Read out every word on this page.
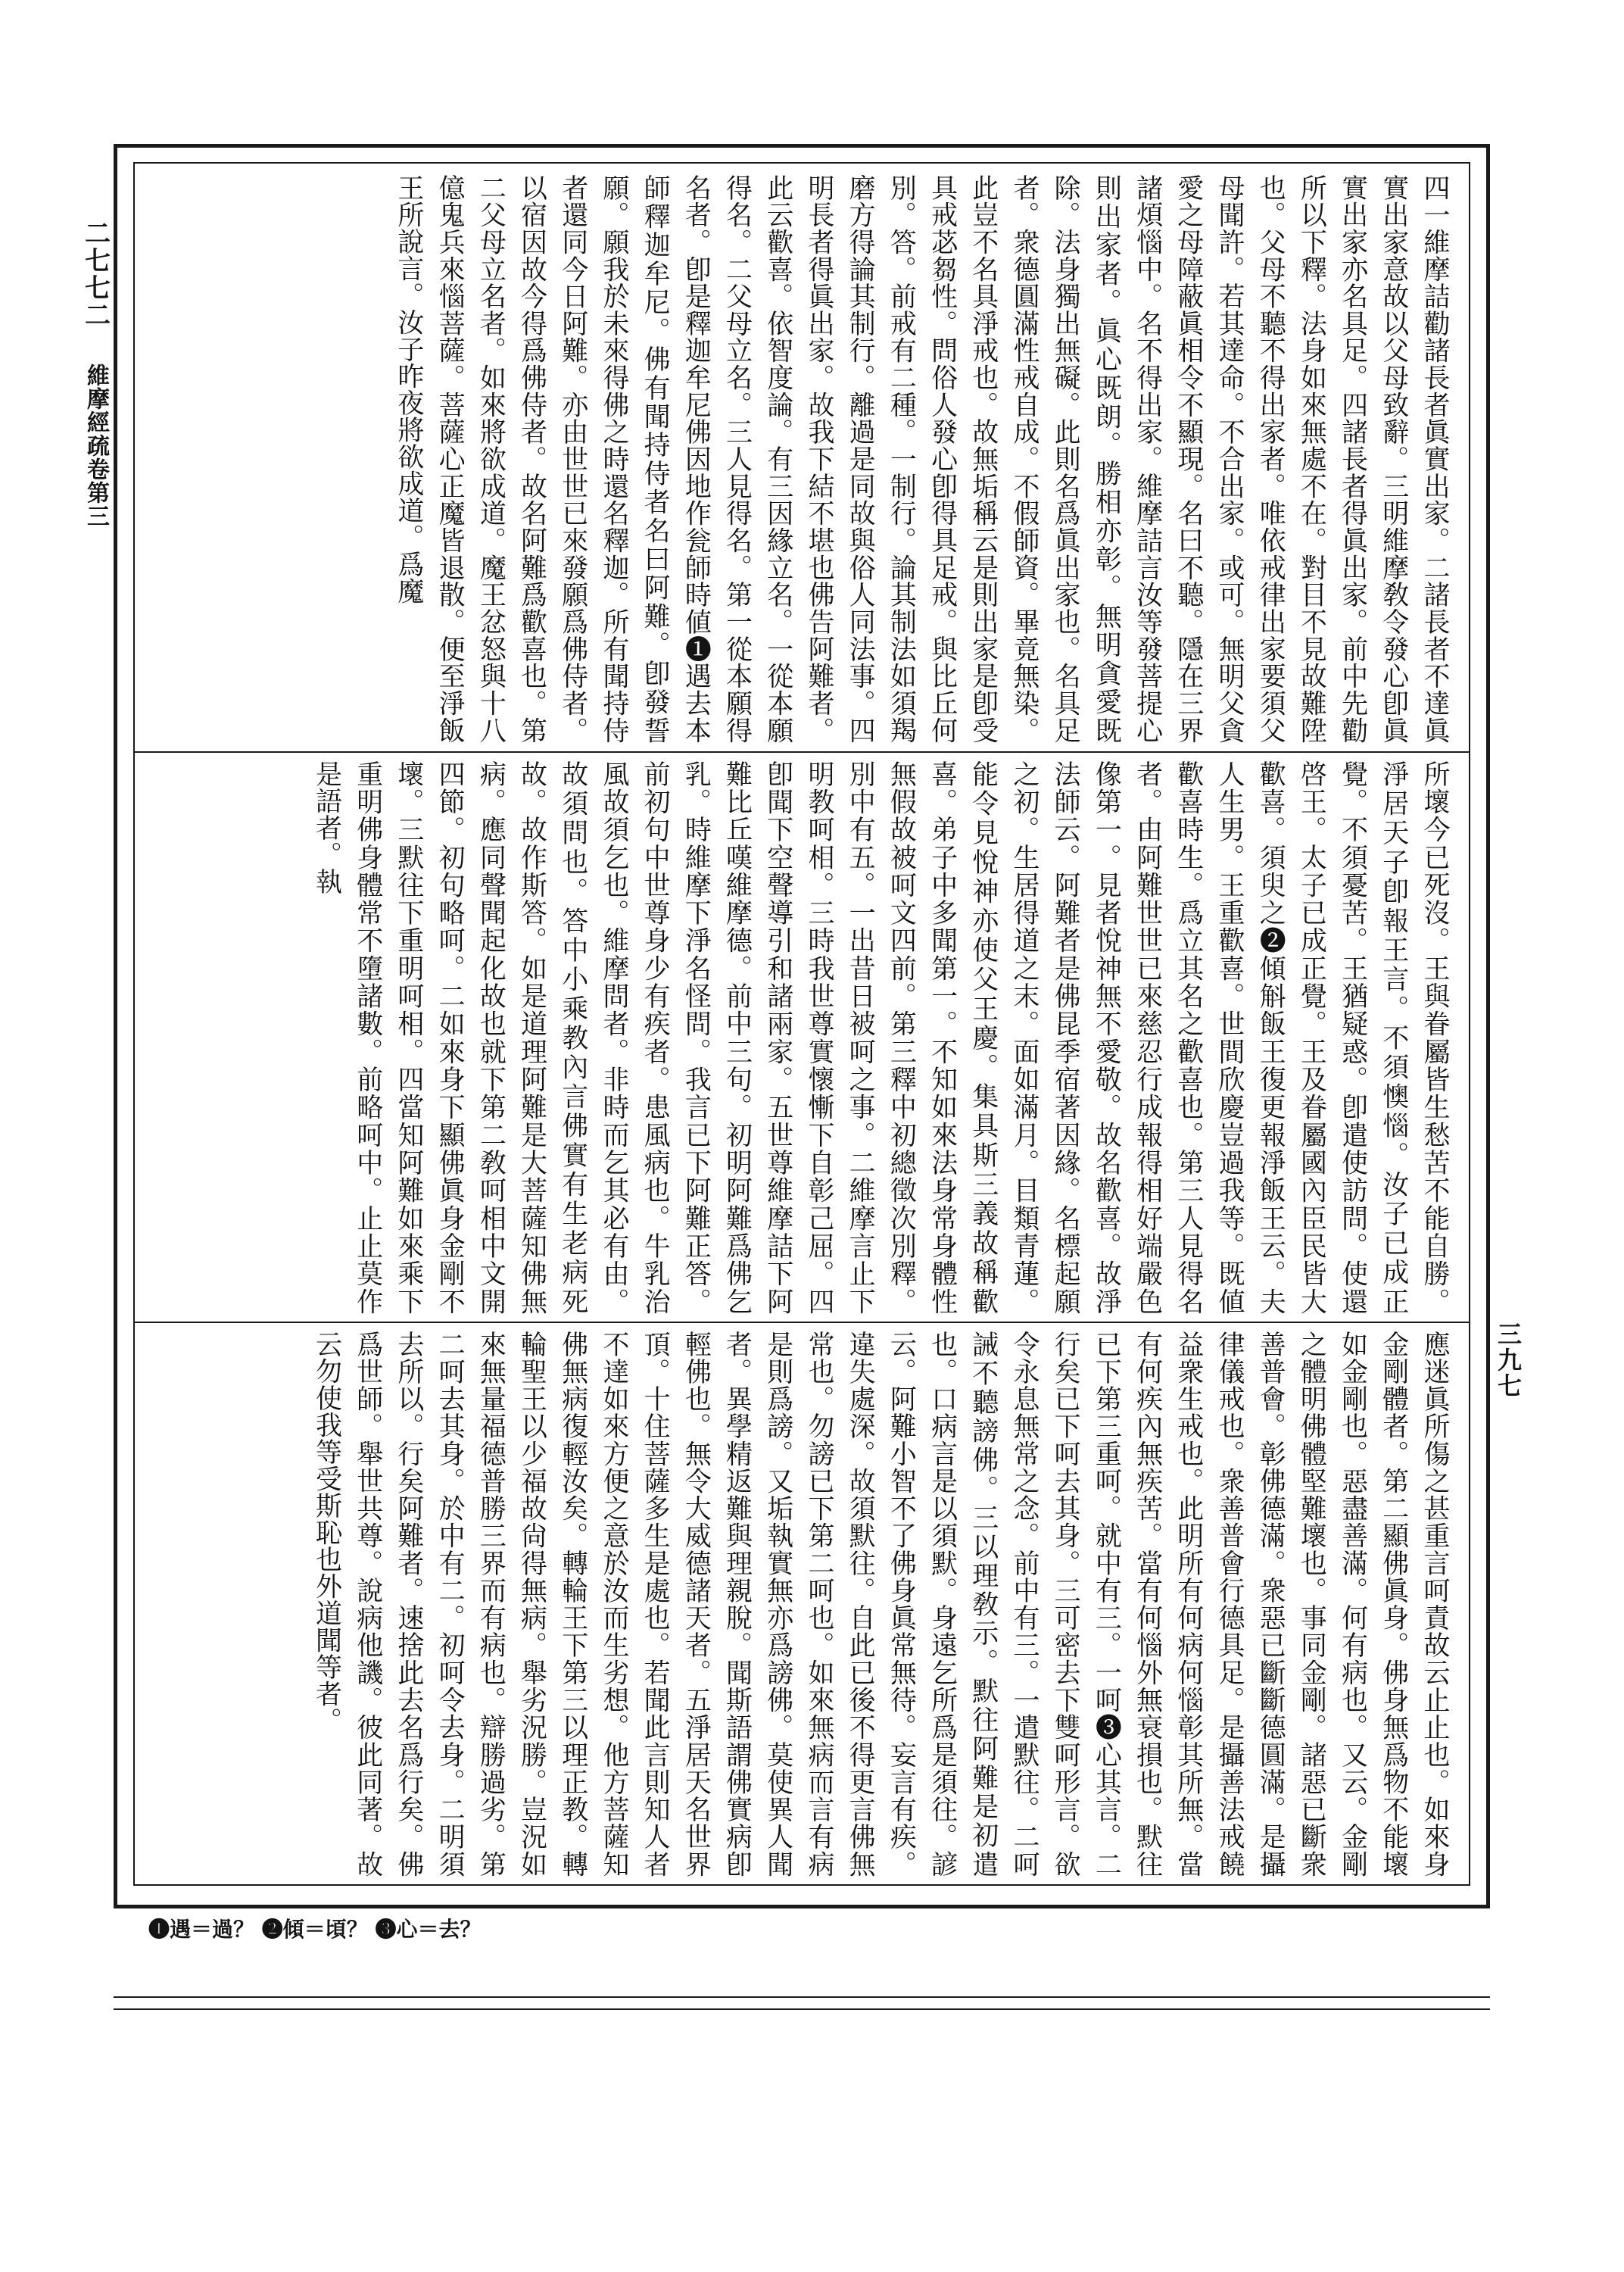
二七七二
維摩經疏卷第三
三九七

四一維摩詰勸諸長者眞實出家。二諸長者不達眞實出家意故以父母致辭。三明維摩敎令發心卽眞實出家亦名具足。四諸長者得眞出家。前中先勸所以下釋。法身如來無處不在。對目不見故難陞也。父母不聽不得出家者。唯依戒律出家要須父母聞許。若其達命。不合出家。或可。無明父貪愛之母障蔽眞相令不顯現。名曰不聽。隱在三界諸煩惱中。名不得出家。維摩詰言汝等發菩提心則出家者。眞心既朗。勝相亦彰。無明貪愛既除。法身獨出無礙。此則名爲眞出家也。名具足者。衆德圓滿性戒自成。不假師資。畢竟無染。此豈不名具淨戒也。故無垢稱云是則出家是卽受具戒苾芻性。問俗人發心卽得具足戒。與比丘何別。答。前戒有二種。一制行。論其制法如須羯磨方得論其制行。離過是同故與俗人同法事。四明長者得眞出家。故我下結不堪也佛告阿難者。此云歡喜。依智度論。有三因緣立名。一從本願得名。二父母立名。三人見得名。第一從本願得名者。卽是釋迦牟尼佛因地作瓮師時値❶遇去本師釋迦牟尼。佛有聞持侍者名曰阿難。卽發誓願。願我於未來得佛之時還名釋迦。所有聞持侍者還同今日阿難。亦由世世已來發願爲佛侍者。以宿因故今得爲佛侍者。故名阿難爲歡喜也。第二父母立名者。如來將欲成道。魔王忿怒與十八億鬼兵來惱菩薩。菩薩心正魔皆退散。便至淨飯王所說言。汝子昨夜將欲成道。爲魔

所壞今已死沒。王與眷屬皆生愁苦不能自勝。淨居天子卽報王言。不須懊惱。汝子已成正覺。不須憂苦。王猶疑惑。卽遣使訪問。使還啓王。太子已成正覺。王及眷屬國內臣民皆大歡喜。須臾之❷傾斛飯王復更報淨飯王云。夫人生男。王重歡喜。世間欣慶豈過我等。既値歡喜時生。爲立其名之歡喜也。第三人見得名者。由阿難世世已來慈忍行成報得相好端嚴色像第一。見者悅神無不愛敬。故名歡喜。故淨法師云。阿難者是佛昆季宿著因緣。名標起願之初。生居得道之末。面如滿月。目類青蓮。能令見悅神亦使父王慶。集具斯三義故稱歡喜。弟子中多聞第一。不知如來法身常身體性無假故被呵文四前。第三釋中初總徵次別釋。別中有五。一出昔日被呵之事。二維摩言止下明教呵相。三時我世尊實懷慚下自彰己屈。四卽聞下空聲導引和諸兩家。五世尊維摩詰下阿難比丘嘆維摩德。前中三句。初明阿難爲佛乞乳。時維摩下淨名怪問。我言已下阿難正答。前初句中世尊身少有疾者。患風病也。牛乳治風故須乞也。維摩問者。非時而乞其必有由。故須問也。答中小乘教內言佛實有生老病死故。故作斯答。如是道理阿難是大菩薩知佛無病。應同聲聞起化故也就下第二敎呵相中文開四節。初句略呵。二如來身下顯佛眞身金剛不壞。三默往下重明呵相。四當知阿難如來乘下重明佛身體常不墮諸數。前略呵中。止止莫作是語者。執

應迷眞所傷之甚重言呵責故云止止也。如來身金剛體者。第二顯佛眞身。佛身無爲物不能壞如金剛也。惡盡善滿。何有病也。又云。金剛之體明佛體堅難壞也。事同金剛。諸惡已斷衆善普會。彰佛德滿。衆惡已斷斷德圓滿。是攝律儀戒也。衆善普會行德具足。是攝善法戒饒益衆生戒也。此明所有何病何惱彰其所無。當有何疾內無疾苦。當有何惱外無衰損也。默往已下第三重呵。就中有三。一呵❸心其言。二行矣已下呵去其身。三可密去下雙呵形言。欲令永息無常之念。前中有三。一遣默往。二呵誡不聽謗佛。三以理敎示。默往阿難是初遣也。口病言是以須默。身遠乞所爲是須往。諺云。阿難小智不了佛身眞常無待。妄言有疾。違失處深。故須默往。自此已後不得更言佛無常也。勿謗已下第二呵也。如來無病而言有病是則爲謗。又垢執實無亦爲謗佛。莫使異人聞者。異學精返難與理親脫。聞斯語謂佛實病卽輕佛也。無令大威德諸天者。五淨居天名世界頂。十住菩薩多生是處也。若聞此言則知人者不達如來方便之意於汝而生劣想。他方菩薩知佛無病復輕汝矣。轉輪王下第三以理正教。轉輪聖王以少福故尙得無病。舉劣況勝。豈況如來無量福德普勝三界而有病也。辯勝過劣。第二呵去其身。於中有二。初呵令去身。二明須去所以。行矣阿難者。速捨此去名爲行矣。佛爲世師。舉世共尊。說病他譏。彼此同著。故云勿使我等受斯恥也外道聞等者。

❶遇＝過？ ❷傾＝頃？ ❸心＝去？
